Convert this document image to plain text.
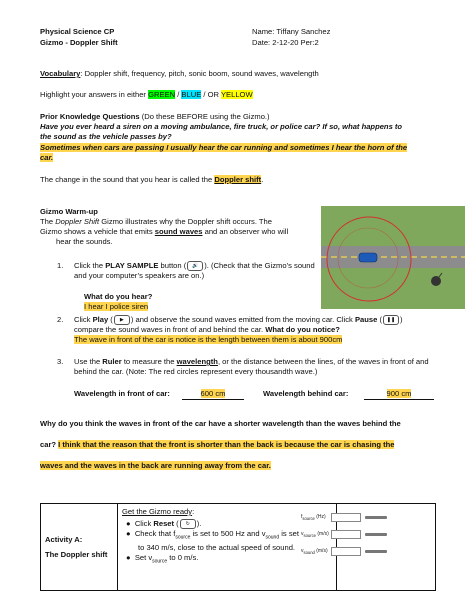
Physical Science CP
Gizmo - Doppler Shift
Name: Tiffany Sanchez
Date: 2-12-20 Per:2
Vocabulary: Doppler shift, frequency, pitch, sonic boom, sound waves, wavelength
Highlight your answers in either GREEN / BLUE / OR YELLOW
Prior Knowledge Questions (Do these BEFORE using the Gizmo.)
Have you ever heard a siren on a moving ambulance, fire truck, or police car? If so, what happens to
the sound as the vehicle passes by?
Sometimes when cars are passing I usually hear the car running and sometimes I hear the horn of the
car.
The change in the sound that you hear is called the Doppler shift.
Gizmo Warm-up
The Doppler Shift Gizmo illustrates why the Doppler shift occurs. The
Gizmo shows a vehicle that emits sound waves and an observer who will
hear the sounds.
1. Click the PLAY SAMPLE button ( 🔊 ). (Check that the Gizmo’s sound
and your computer’s speakers are on.)
What do you hear?
I hear I police siren
2. Click Play ( ▶ ) and observe the sound waves emitted from the moving car. Click Pause ( ❚❚ )
compare the sound waves in front of and behind the car. What do you notice?
The wave in front of the car is notice is the length between them is about 900cm
3. Use the Ruler to measure the wavelength, or the distance between the lines, of the waves in front of and
behind the car. (Note: The red circles represent every thousandth wave.)
Wavelength in front of car:	600 cm	Wavelength behind car:	900 cm
Why do you think the waves in front of the car have a shorter wavelength than the waves behind the
car? I think that the reason that the front is shorter than the back is because the car is chasing the
waves and the waves in the back are running away from the car.
Activity A:
The Doppler shift

Get the Gizmo ready:
●  Click Reset ( ↻ ).
●  Check that $f_{source}$ is set to 500 Hz and $v_{sound}$ is set
to 340 m/s, close to the actual speed of sound.
●  Set $v_{source}$ to 0 m/s.

$f_{source}$ (Hz)
$v_{source}$ (m/s)
$v_{sound}$ (m/s)
